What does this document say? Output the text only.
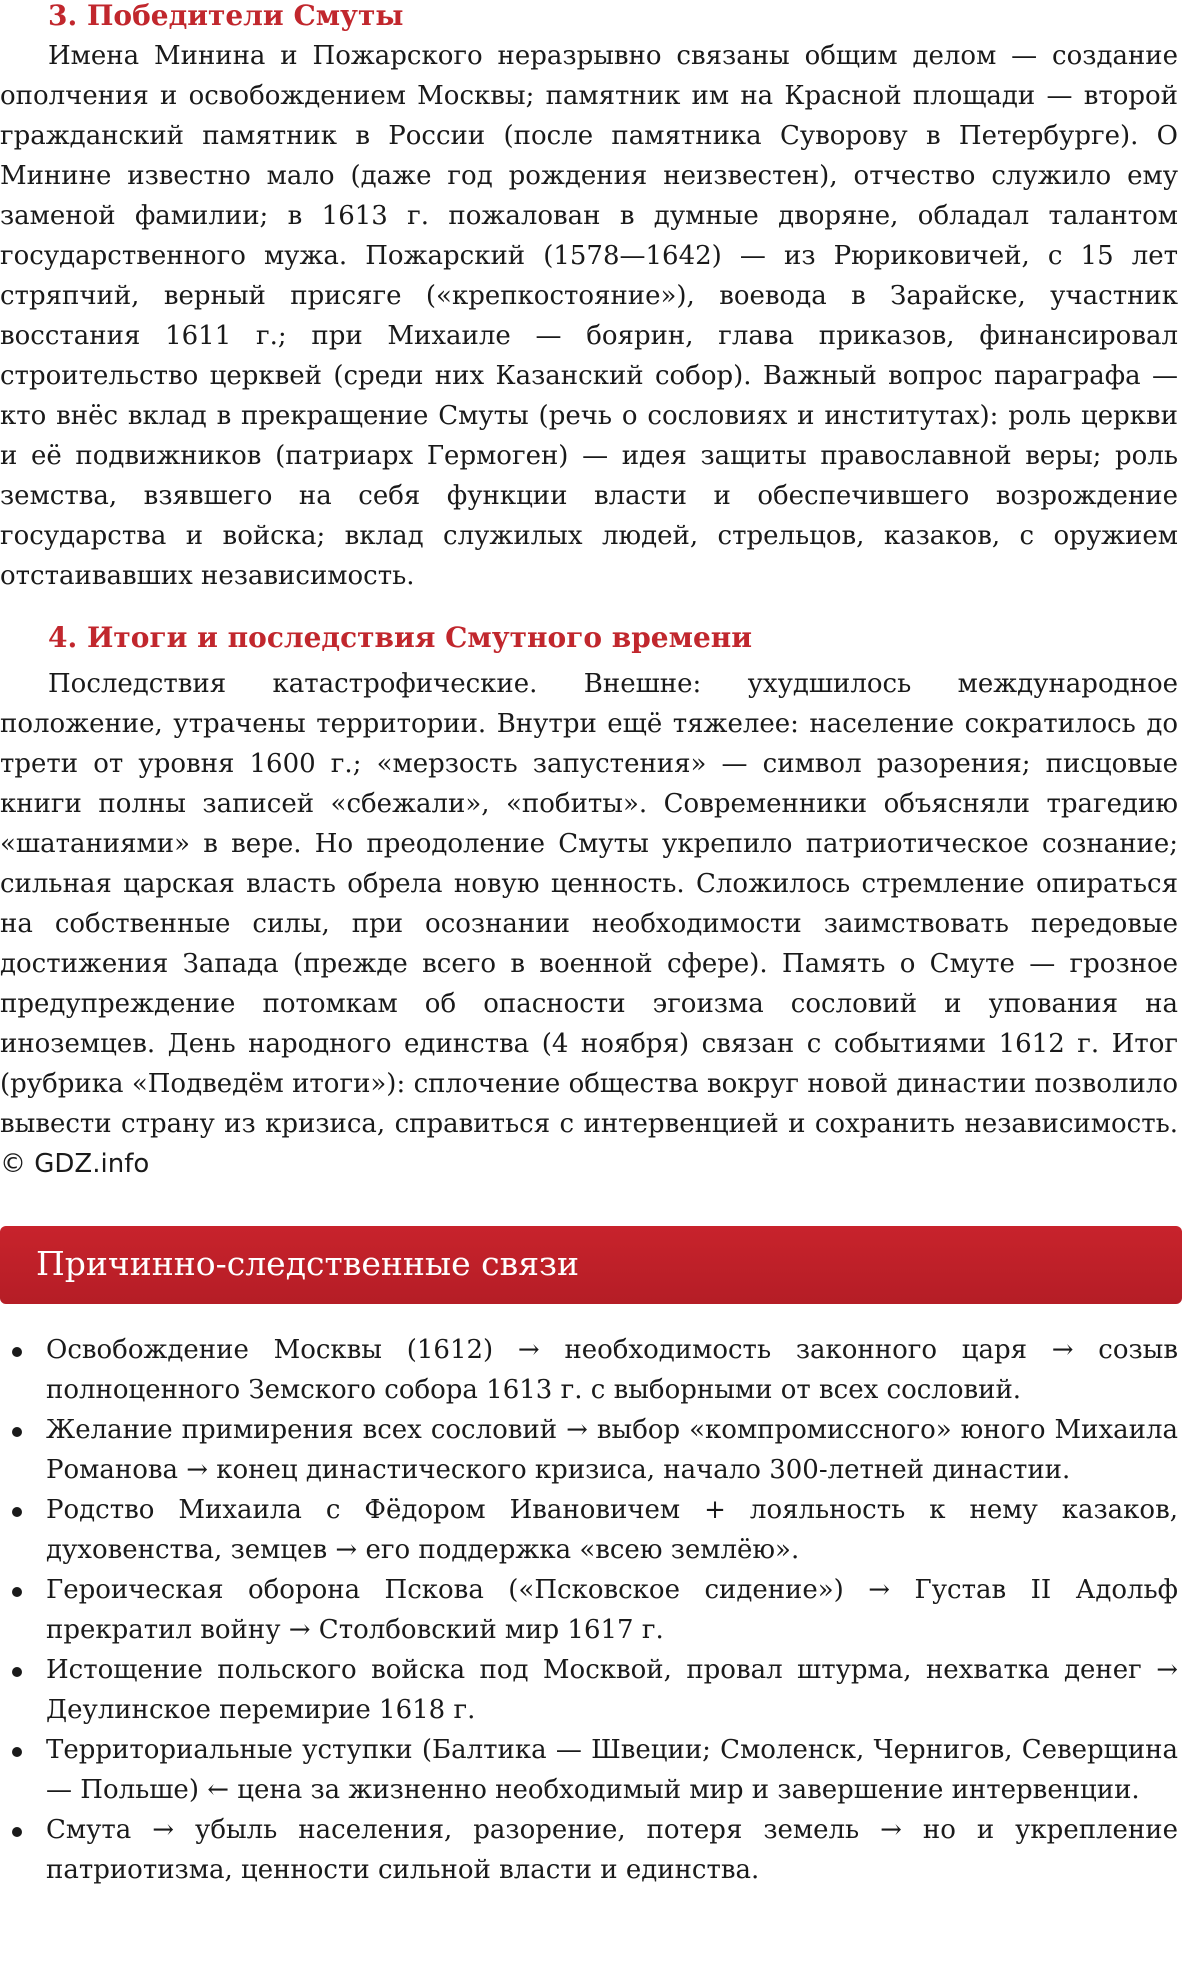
3. Победители Смуты

Имена Минина и Пожарского неразрывно связаны общим делом — создание ополчения и освобождением Москвы; памятник им на Красной площади — второй гражданский памятник в России (после памятника Суворову в Петербурге). О Минине известно мало (даже год рождения неизвестен), отчество служило ему заменой фамилии; в 1613 г. пожалован в думные дворяне, обладал талантом государственного мужа. Пожарский (1578—1642) — из Рюриковичей, с 15 лет стряпчий, верный присяге («крепкостояние»), воевода в Зарайске, участник восстания 1611 г.; при Михаиле — боярин, глава приказов, финансировал строительство церквей (среди них Казанский собор). Важный вопрос параграфа — кто внёс вклад в прекращение Смуты (речь о сословиях и институтах): роль церкви и её подвижников (патриарх Гермоген) — идея защиты православной веры; роль земства, взявшего на себя функции власти и обеспечившего возрождение государства и войска; вклад служилых людей, стрельцов, казаков, с оружием отстаивавших независимость.

4. Итоги и последствия Смутного времени

Последствия катастрофические. Внешне: ухудшилось международное положение, утрачены территории. Внутри ещё тяжелее: население сократилось до трети от уровня 1600 г.; «мерзость запустения» — символ разорения; писцовые книги полны записей «сбежали», «побиты». Современники объясняли трагедию «шатаниями» в вере. Но преодоление Смуты укрепило патриотическое сознание; сильная царская власть обрела новую ценность. Сложилось стремление опираться на собственные силы, при осознании необходимости заимствовать передовые достижения Запада (прежде всего в военной сфере). Память о Смуте — грозное предупреждение потомкам об опасности эгоизма сословий и упования на иноземцев. День народного единства (4 ноября) связан с событиями 1612 г. Итог (рубрика «Подведём итоги»): сплочение общества вокруг новой династии позволило вывести страну из кризиса, справиться с интервенцией и сохранить независимость. © GDZ.info

Причинно-следственные связи
Освобождение Москвы (1612) → необходимость законного царя → созыв полноценного Земского собора 1613 г. с выборными от всех сословий.
Желание примирения всех сословий → выбор «компромиссного» юного Михаила Романова → конец династического кризиса, начало 300-летней династии.
Родство Михаила с Фёдором Ивановичем + лояльность к нему казаков, духовенства, земцев → его поддержка «всею землёю».
Героическая оборона Пскова («Псковское сидение») → Густав II Адольф прекратил войну → Столбовский мир 1617 г.
Истощение польского войска под Москвой, провал штурма, нехватка денег → Деулинское перемирие 1618 г.
Территориальные уступки (Балтика — Швеции; Смоленск, Чернигов, Северщина — Польше) ← цена за жизненно необходимый мир и завершение интервенции.
Смута → убыль населения, разорение, потеря земель → но и укрепление патриотизма, ценности сильной власти и единства.
